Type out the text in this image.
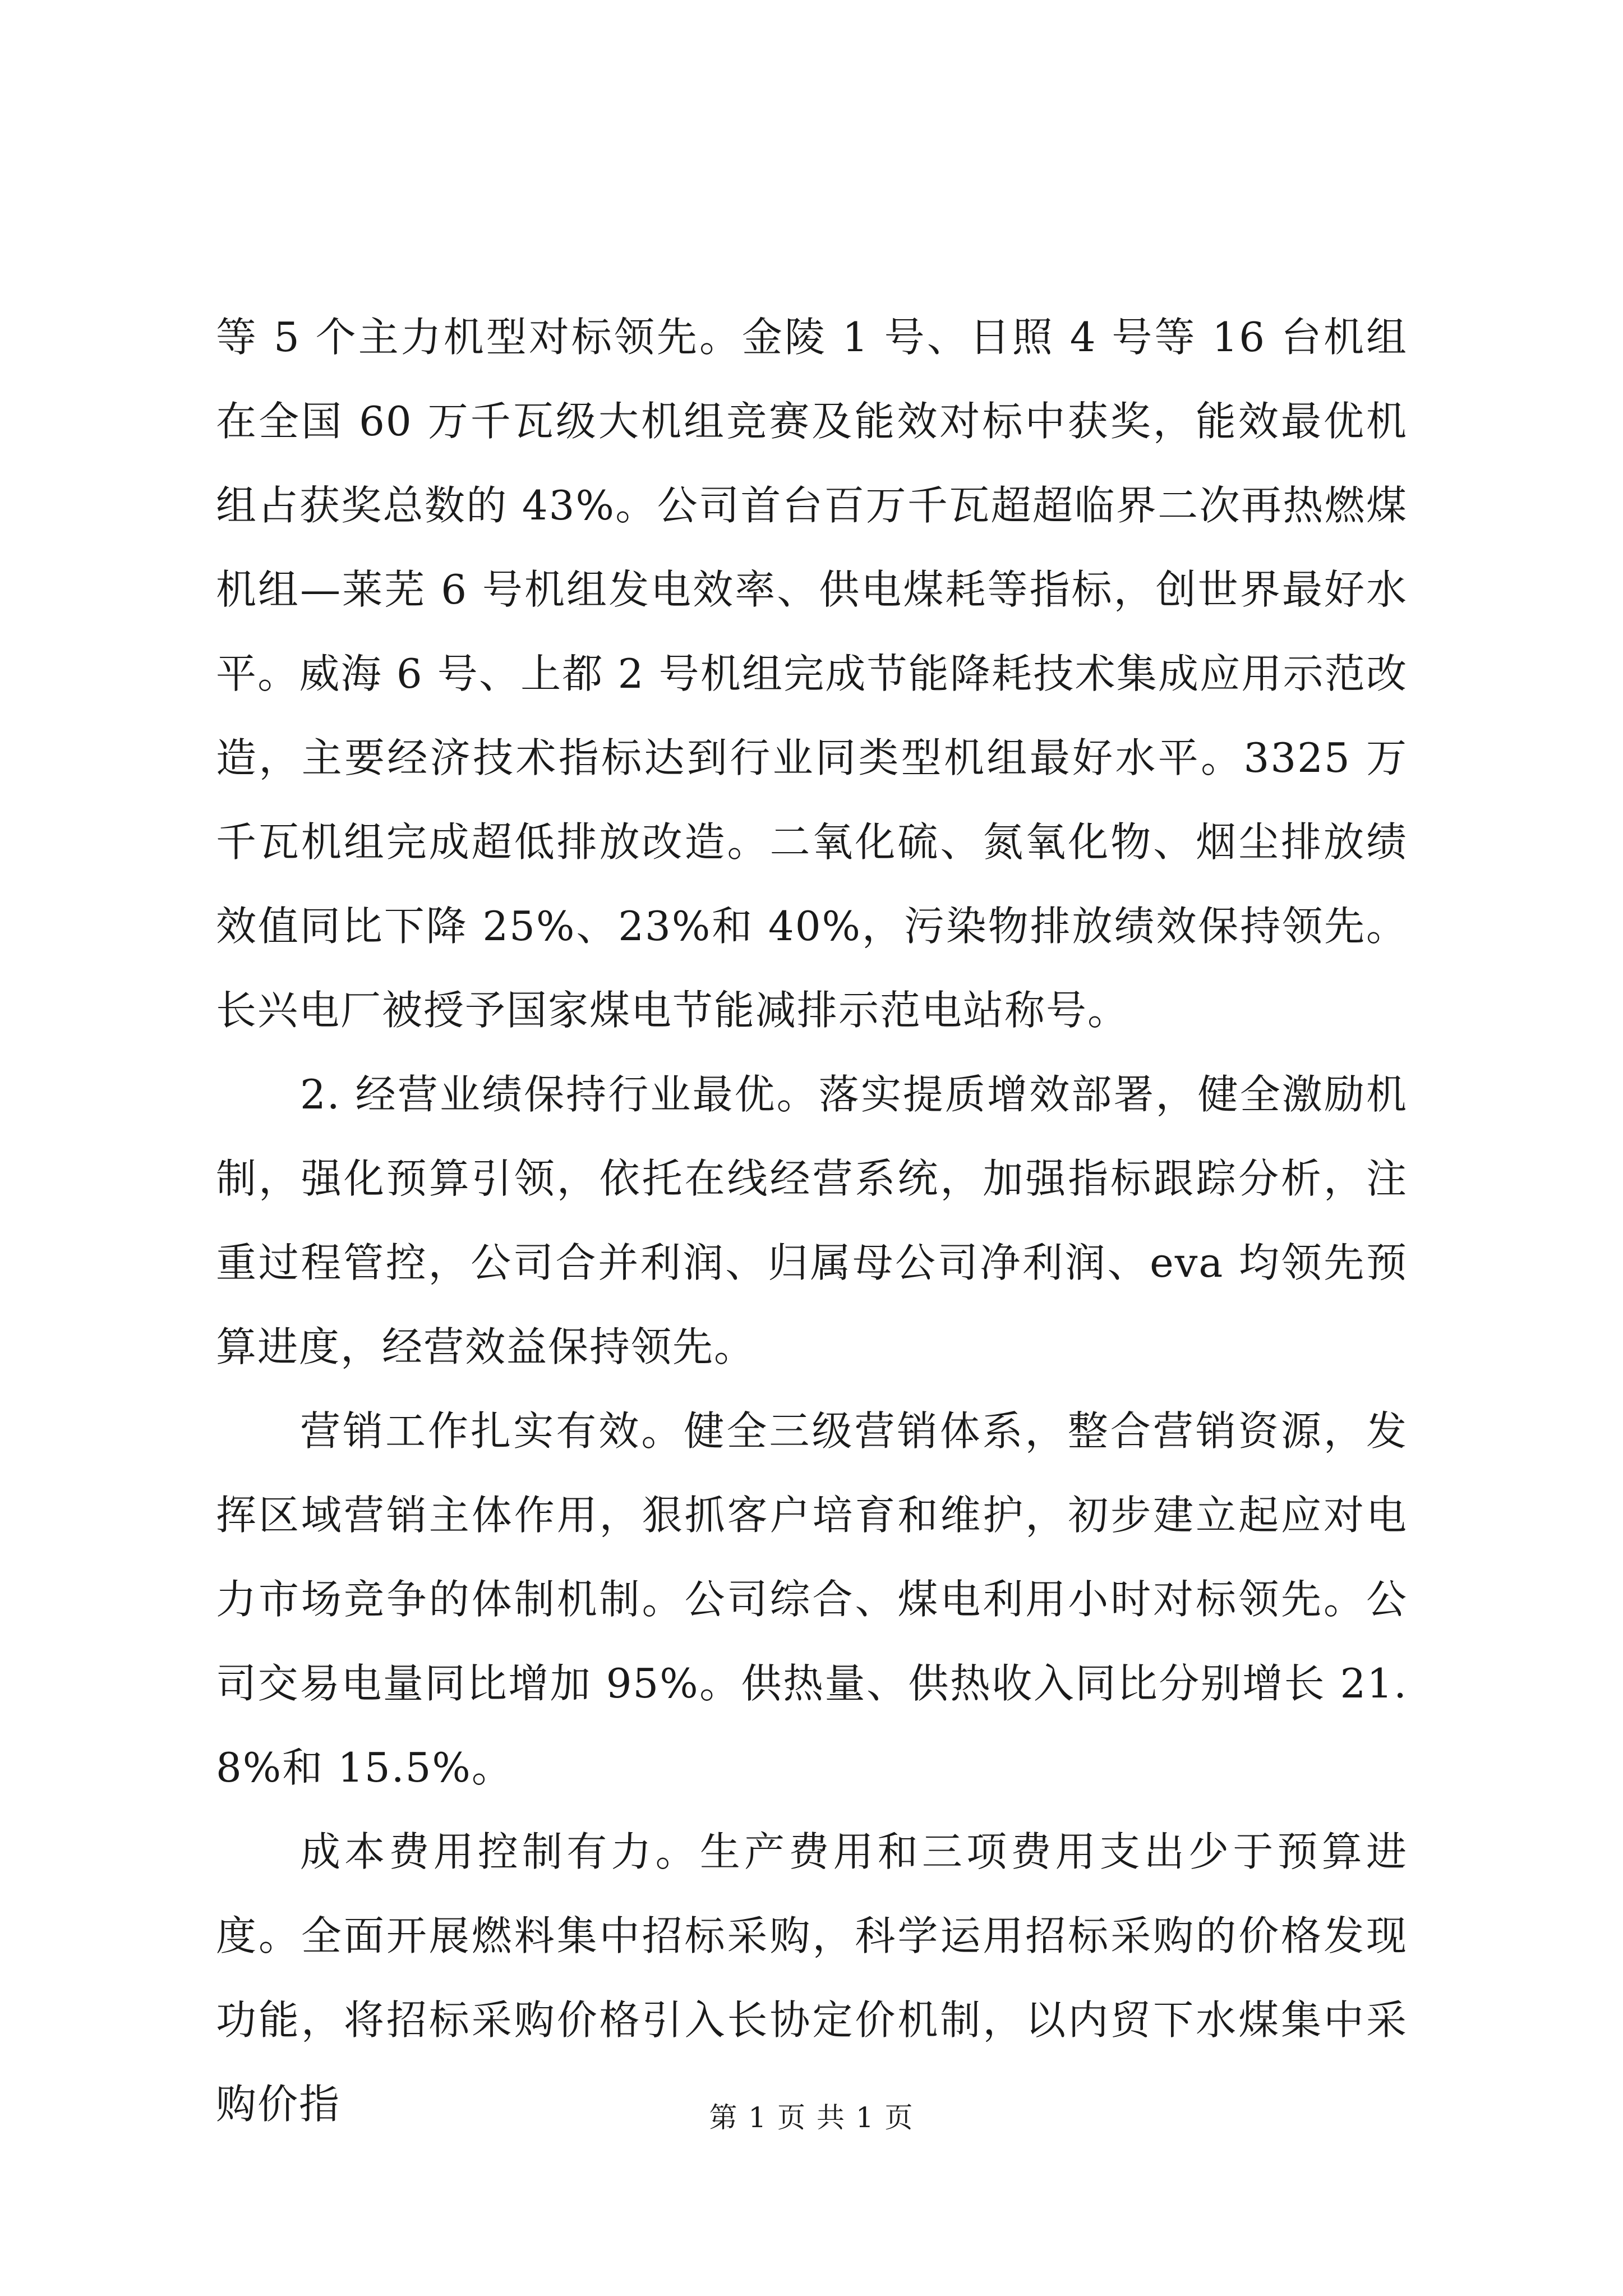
等 5 个主力机型对标领先。金陵 1 号、日照 4 号等 16 台机组在全国 60 万千瓦级大机组竞赛及能效对标中获奖，能效最优机组占获奖总数的 43%。公司首台百万千瓦超超临界二次再热燃煤机组—莱芜 6 号机组发电效率、供电煤耗等指标，创世界最好水平。威海 6 号、上都 2 号机组完成节能降耗技术集成应用示范改造，主要经济技术指标达到行业同类型机组最好水平。3325 万千瓦机组完成超低排放改造。二氧化硫、氮氧化物、烟尘排放绩效值同比下降 25%、23%和 40%，污染物排放绩效保持领先。长兴电厂被授予国家煤电节能减排示范电站称号。

2. 经营业绩保持行业最优。落实提质增效部署，健全激励机制，强化预算引领，依托在线经营系统，加强指标跟踪分析，注重过程管控，公司合并利润、归属母公司净利润、eva 均领先预算进度，经营效益保持领先。

营销工作扎实有效。健全三级营销体系，整合营销资源，发挥区域营销主体作用，狠抓客户培育和维护，初步建立起应对电力市场竞争的体制机制。公司综合、煤电利用小时对标领先。公司交易电量同比增加 95%。供热量、供热收入同比分别增长 21.8%和 15.5%。

成本费用控制有力。生产费用和三项费用支出少于预算进度。全面开展燃料集中招标采购，科学运用招标采购的价格发现功能，将招标采购价格引入长协定价机制，以内贸下水煤集中采购价指	第 1 页 共 1 页
